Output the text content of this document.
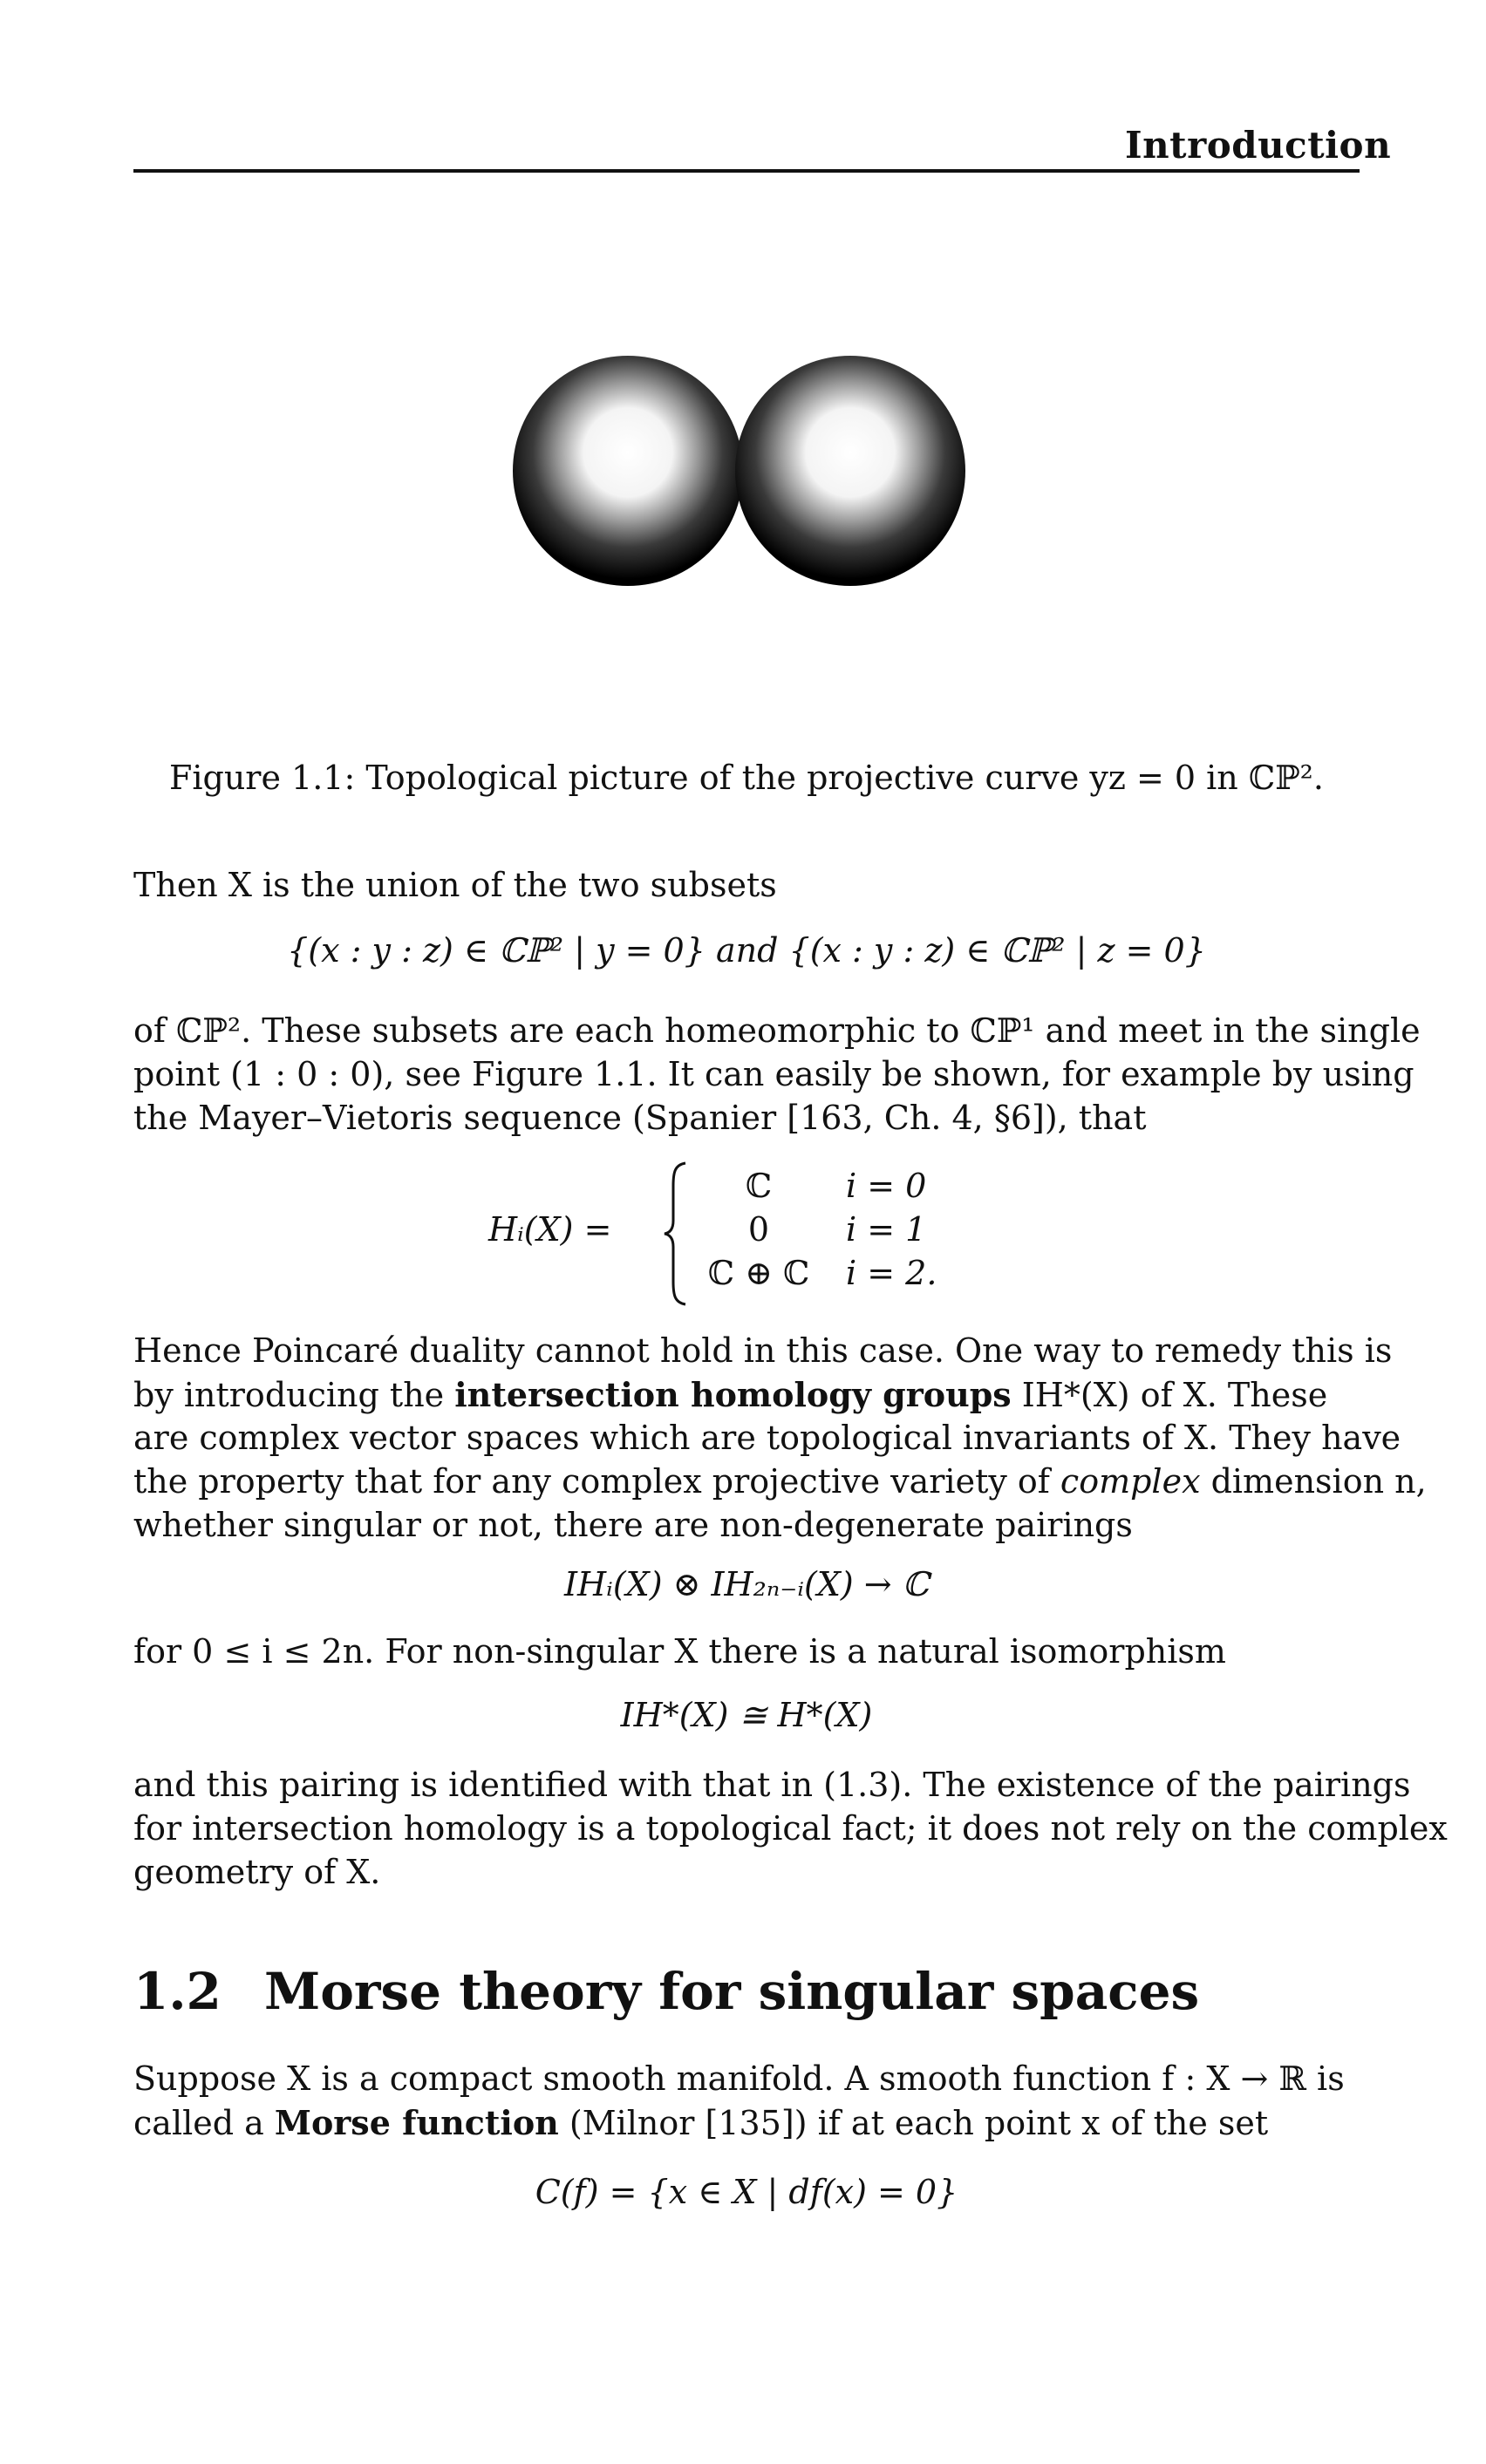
Introduction
Figure 1.1: Topological picture of the projective curve yz = 0 in ℂℙ².
Then X is the union of the two subsets
{(x : y : z) ∈ ℂℙ² | y = 0} and {(x : y : z) ∈ ℂℙ² | z = 0}
of ℂℙ². These subsets are each homeomorphic to ℂℙ¹ and meet in the single
point (1 : 0 : 0), see Figure 1.1. It can easily be shown, for example by using
the Mayer–Vietoris sequence (Spanier [163, Ch. 4, §6]), that
Hᵢ(X) =
ℂ	i = 0
0	i = 1
ℂ ⊕ ℂ	i = 2.
Hence Poincaré duality cannot hold in this case. One way to remedy this is
by introducing the intersection homology groups IH*(X) of X. These
are complex vector spaces which are topological invariants of X. They have
the property that for any complex projective variety of complex dimension n,
whether singular or not, there are non-degenerate pairings
IHᵢ(X) ⊗ IH₂ₙ₋ᵢ(X) → ℂ
for 0 ≤ i ≤ 2n. For non-singular X there is a natural isomorphism
IH*(X) ≅ H*(X)
and this pairing is identified with that in (1.3). The existence of the pairings
for intersection homology is a topological fact; it does not rely on the complex
geometry of X.
1.2 Morse theory for singular spaces
Suppose X is a compact smooth manifold. A smooth function f : X → ℝ is
called a Morse function (Milnor [135]) if at each point x of the set
C(f) = {x ∈ X | df(x) = 0}
